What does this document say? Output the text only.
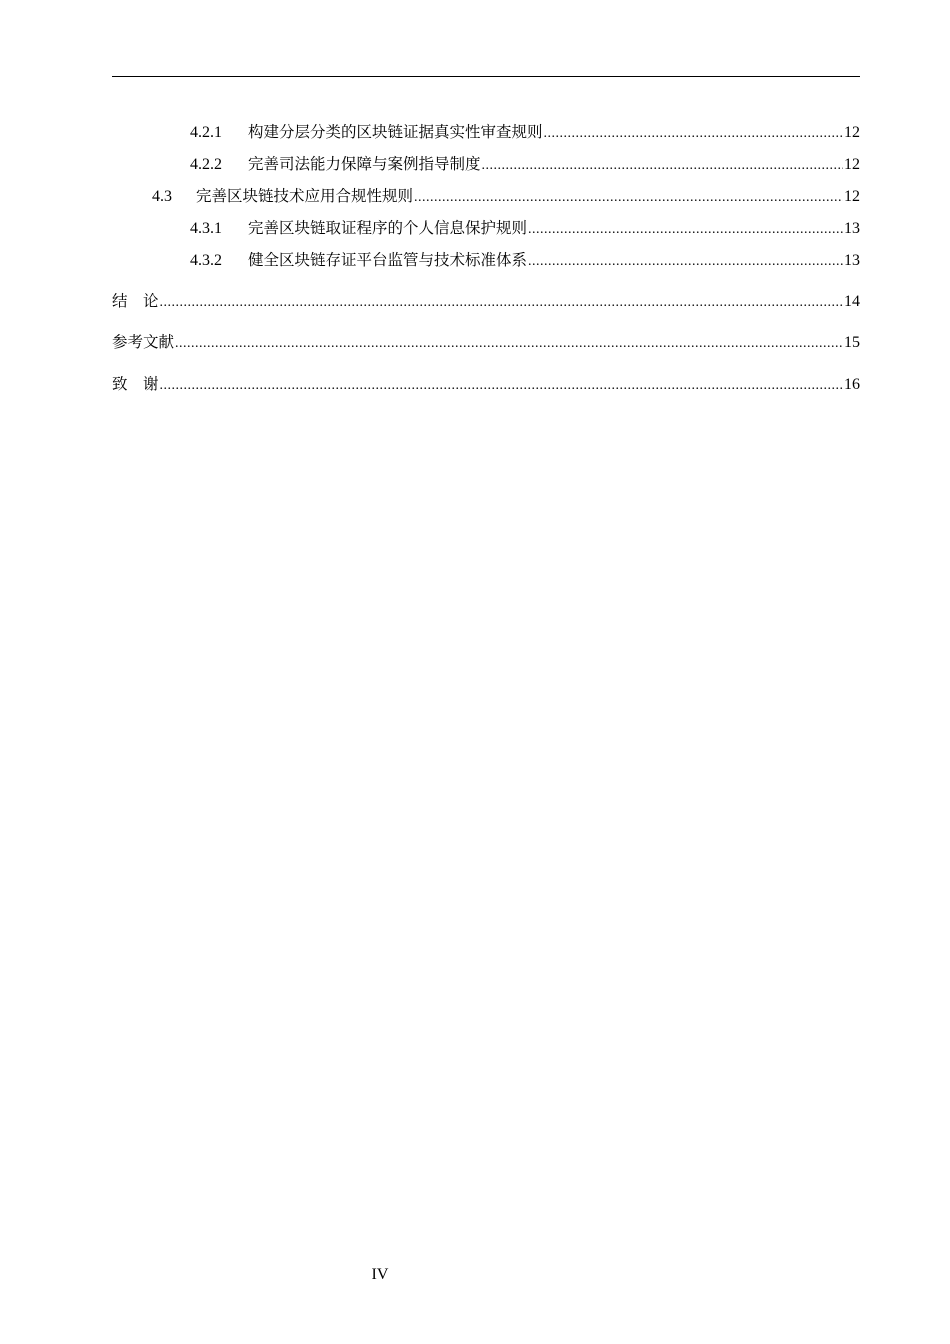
4.2.1	构建分层分类的区块链证据真实性审查规则 .....	12
4.2.2	完善司法能力保障与案例指导制度 .....	12
4.3	完善区块链技术应用合规性规则 .....	12
4.3.1	完善区块链取证程序的个人信息保护规则 .....	13
4.3.2	健全区块链存证平台监管与技术标准体系 .....	13
结　论 .....	14
参考文献 .....	15
致　谢 .....	16
IV
